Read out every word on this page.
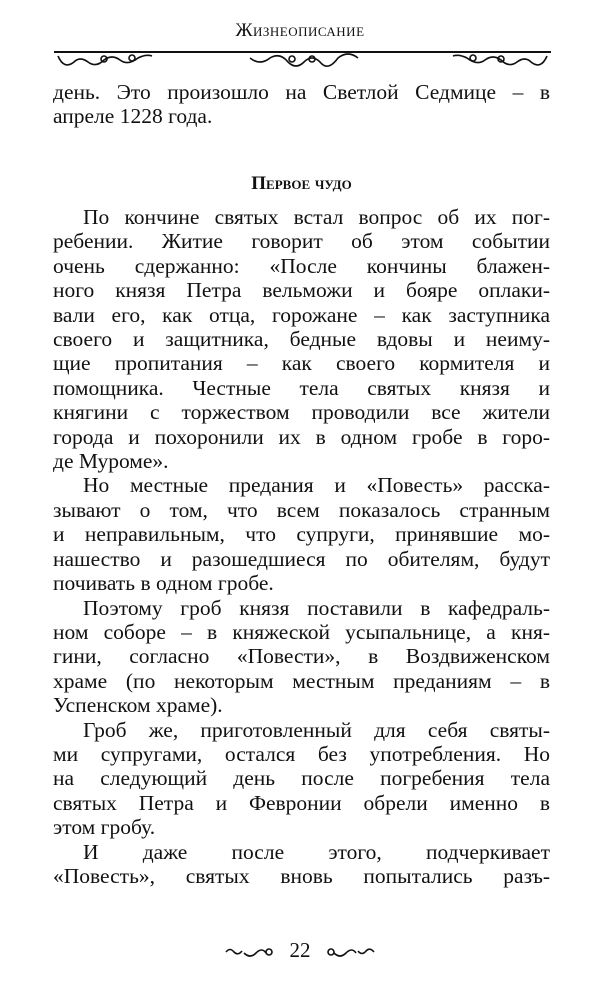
Жизнеописание
день. Это произошло на Светлой Седмице – в
апреле 1228 года.

Первое чудо

По кончине святых встал вопрос об их пог-
ребении. Житие говорит об этом событии
очень сдержанно: «После кончины блажен-
ного князя Петра вельможи и бояре оплаки-
вали его, как отца, горожане – как заступника
своего и защитника, бедные вдовы и неиму-
щие пропитания – как своего кормителя и
помощника. Честные тела святых князя и
княгини с торжеством проводили все жители
города и похоронили их в одном гробе в горо-
де Муроме».
Но местные предания и «Повесть» расска-
зывают о том, что всем показалось странным
и неправильным, что супруги, принявшие мо-
нашество и разошедшиеся по обителям, будут
почивать в одном гробе.
Поэтому гроб князя поставили в кафедраль-
ном соборе – в княжеской усыпальнице, а кня-
гини, согласно «Повести», в Воздвиженском
храме (по некоторым местным преданиям – в
Успенском храме).
Гроб же, приготовленный для себя святы-
ми супругами, остался без употребления. Но
на следующий день после погребения тела
святых Петра и Февронии обрели именно в
этом гробу.
И даже после этого, подчеркивает
«Повесть», святых вновь попытались разъ-
22
